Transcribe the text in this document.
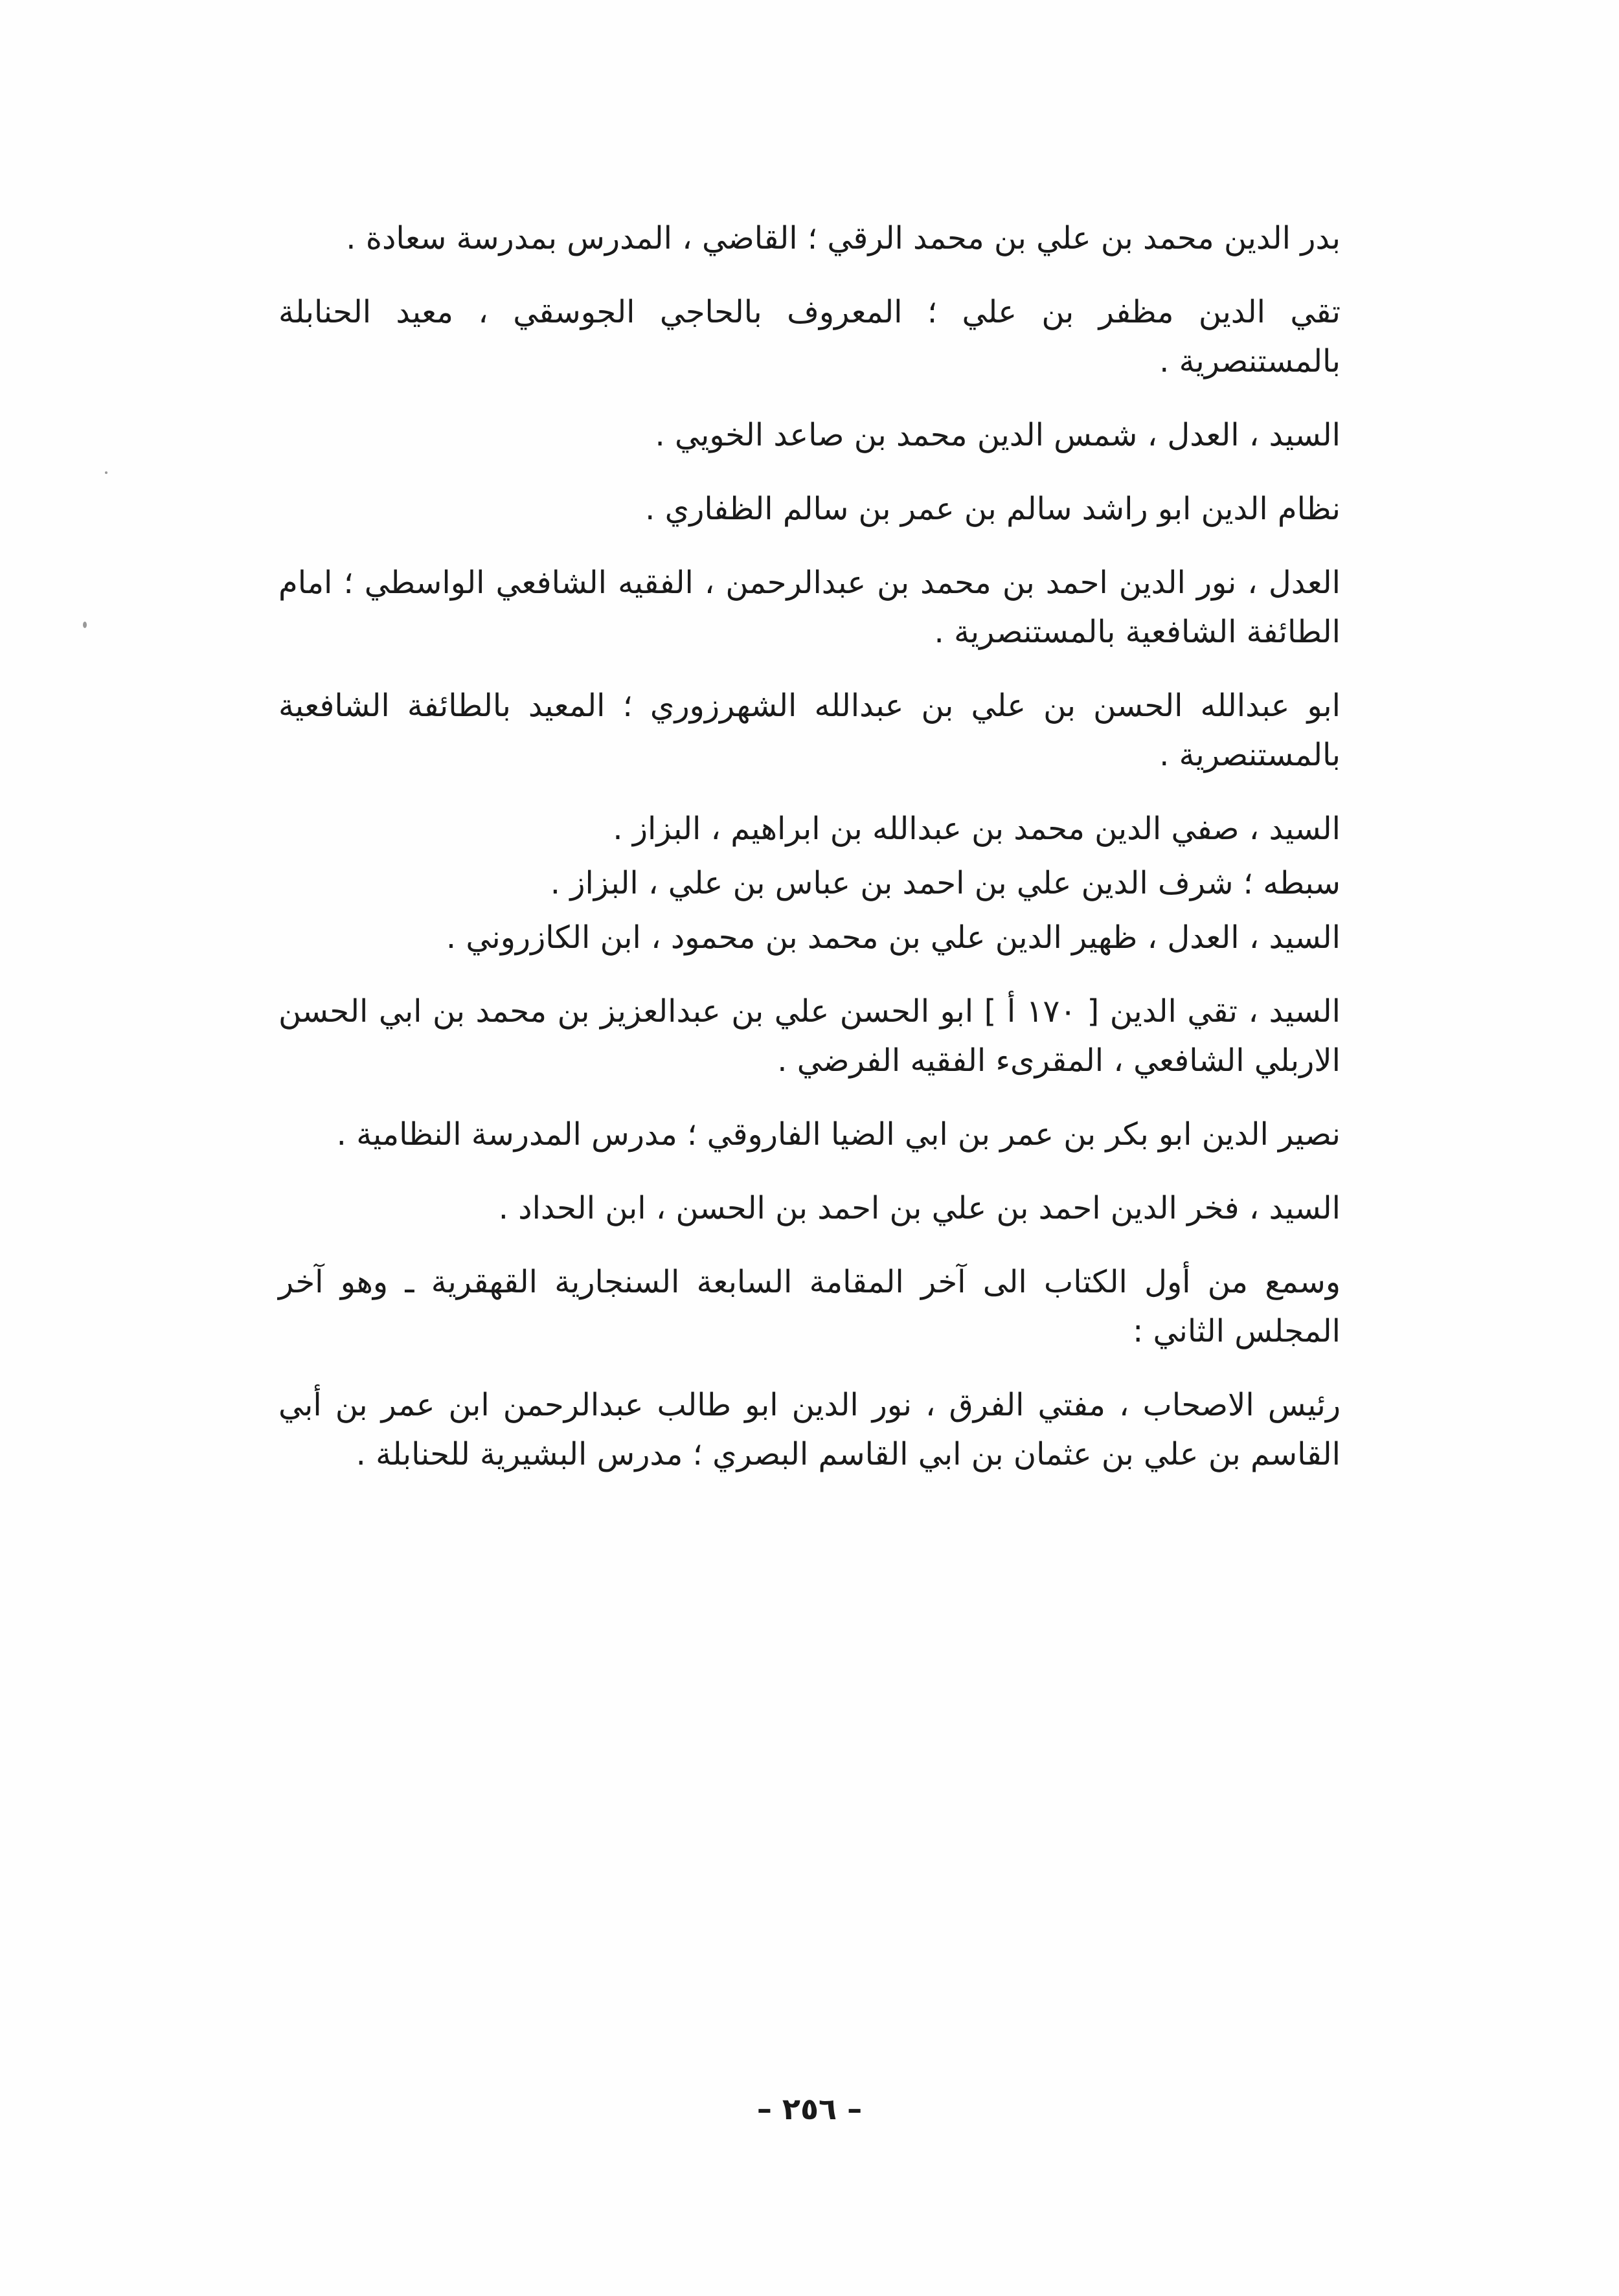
بدر الدين محمد بن علي بن محمد الرقي ؛ القاضي ، المدرس بمدرسة سعادة .

تقي الدين مظفر بن علي ؛ المعروف بالحاجي الجوسقي ، معيد الحنابلة بالمستنصرية .

السيد ، العدل ، شمس الدين محمد بن صاعد الخويي .

نظام الدين ابو راشد سالم بن عمر بن سالم الظفاري .

العدل ، نور الدين احمد بن محمد بن عبدالرحمن ، الفقيه الشافعي الواسطي ؛ امام الطائفة الشافعية بالمستنصرية .

ابو عبدالله الحسن بن علي بن عبدالله الشهرزوري ؛ المعيد بالطائفة الشافعية بالمستنصرية .

السيد ، صفي الدين محمد بن عبدالله بن ابراهيم ، البزاز .

سبطه ؛ شرف الدين علي بن احمد بن عباس بن علي ، البزاز .

السيد ، العدل ، ظهير الدين علي بن محمد بن محمود ، ابن الكازروني .

السيد ، تقي الدين [ ١٧٠ أ ] ابو الحسن علي بن عبدالعزيز بن محمد بن ابي الحسن الاربلي الشافعي ، المقرىء الفقيه الفرضي .

نصير الدين ابو بكر بن عمر بن ابي الضيا الفاروقي ؛ مدرس المدرسة النظامية .

السيد ، فخر الدين احمد بن علي بن احمد بن الحسن ، ابن الحداد .

وسمع من أول الكتاب الى آخر المقامة السابعة السنجارية القهقرية ـ وهو آخر المجلس الثاني :

رئيس الاصحاب ، مفتي الفرق ، نور الدين ابو طالب عبدالرحمن ابن عمر بن أبي القاسم بن علي بن عثمان بن ابي القاسم البصري ؛ مدرس البشيرية للحنابلة .

– ٢٥٦ –
